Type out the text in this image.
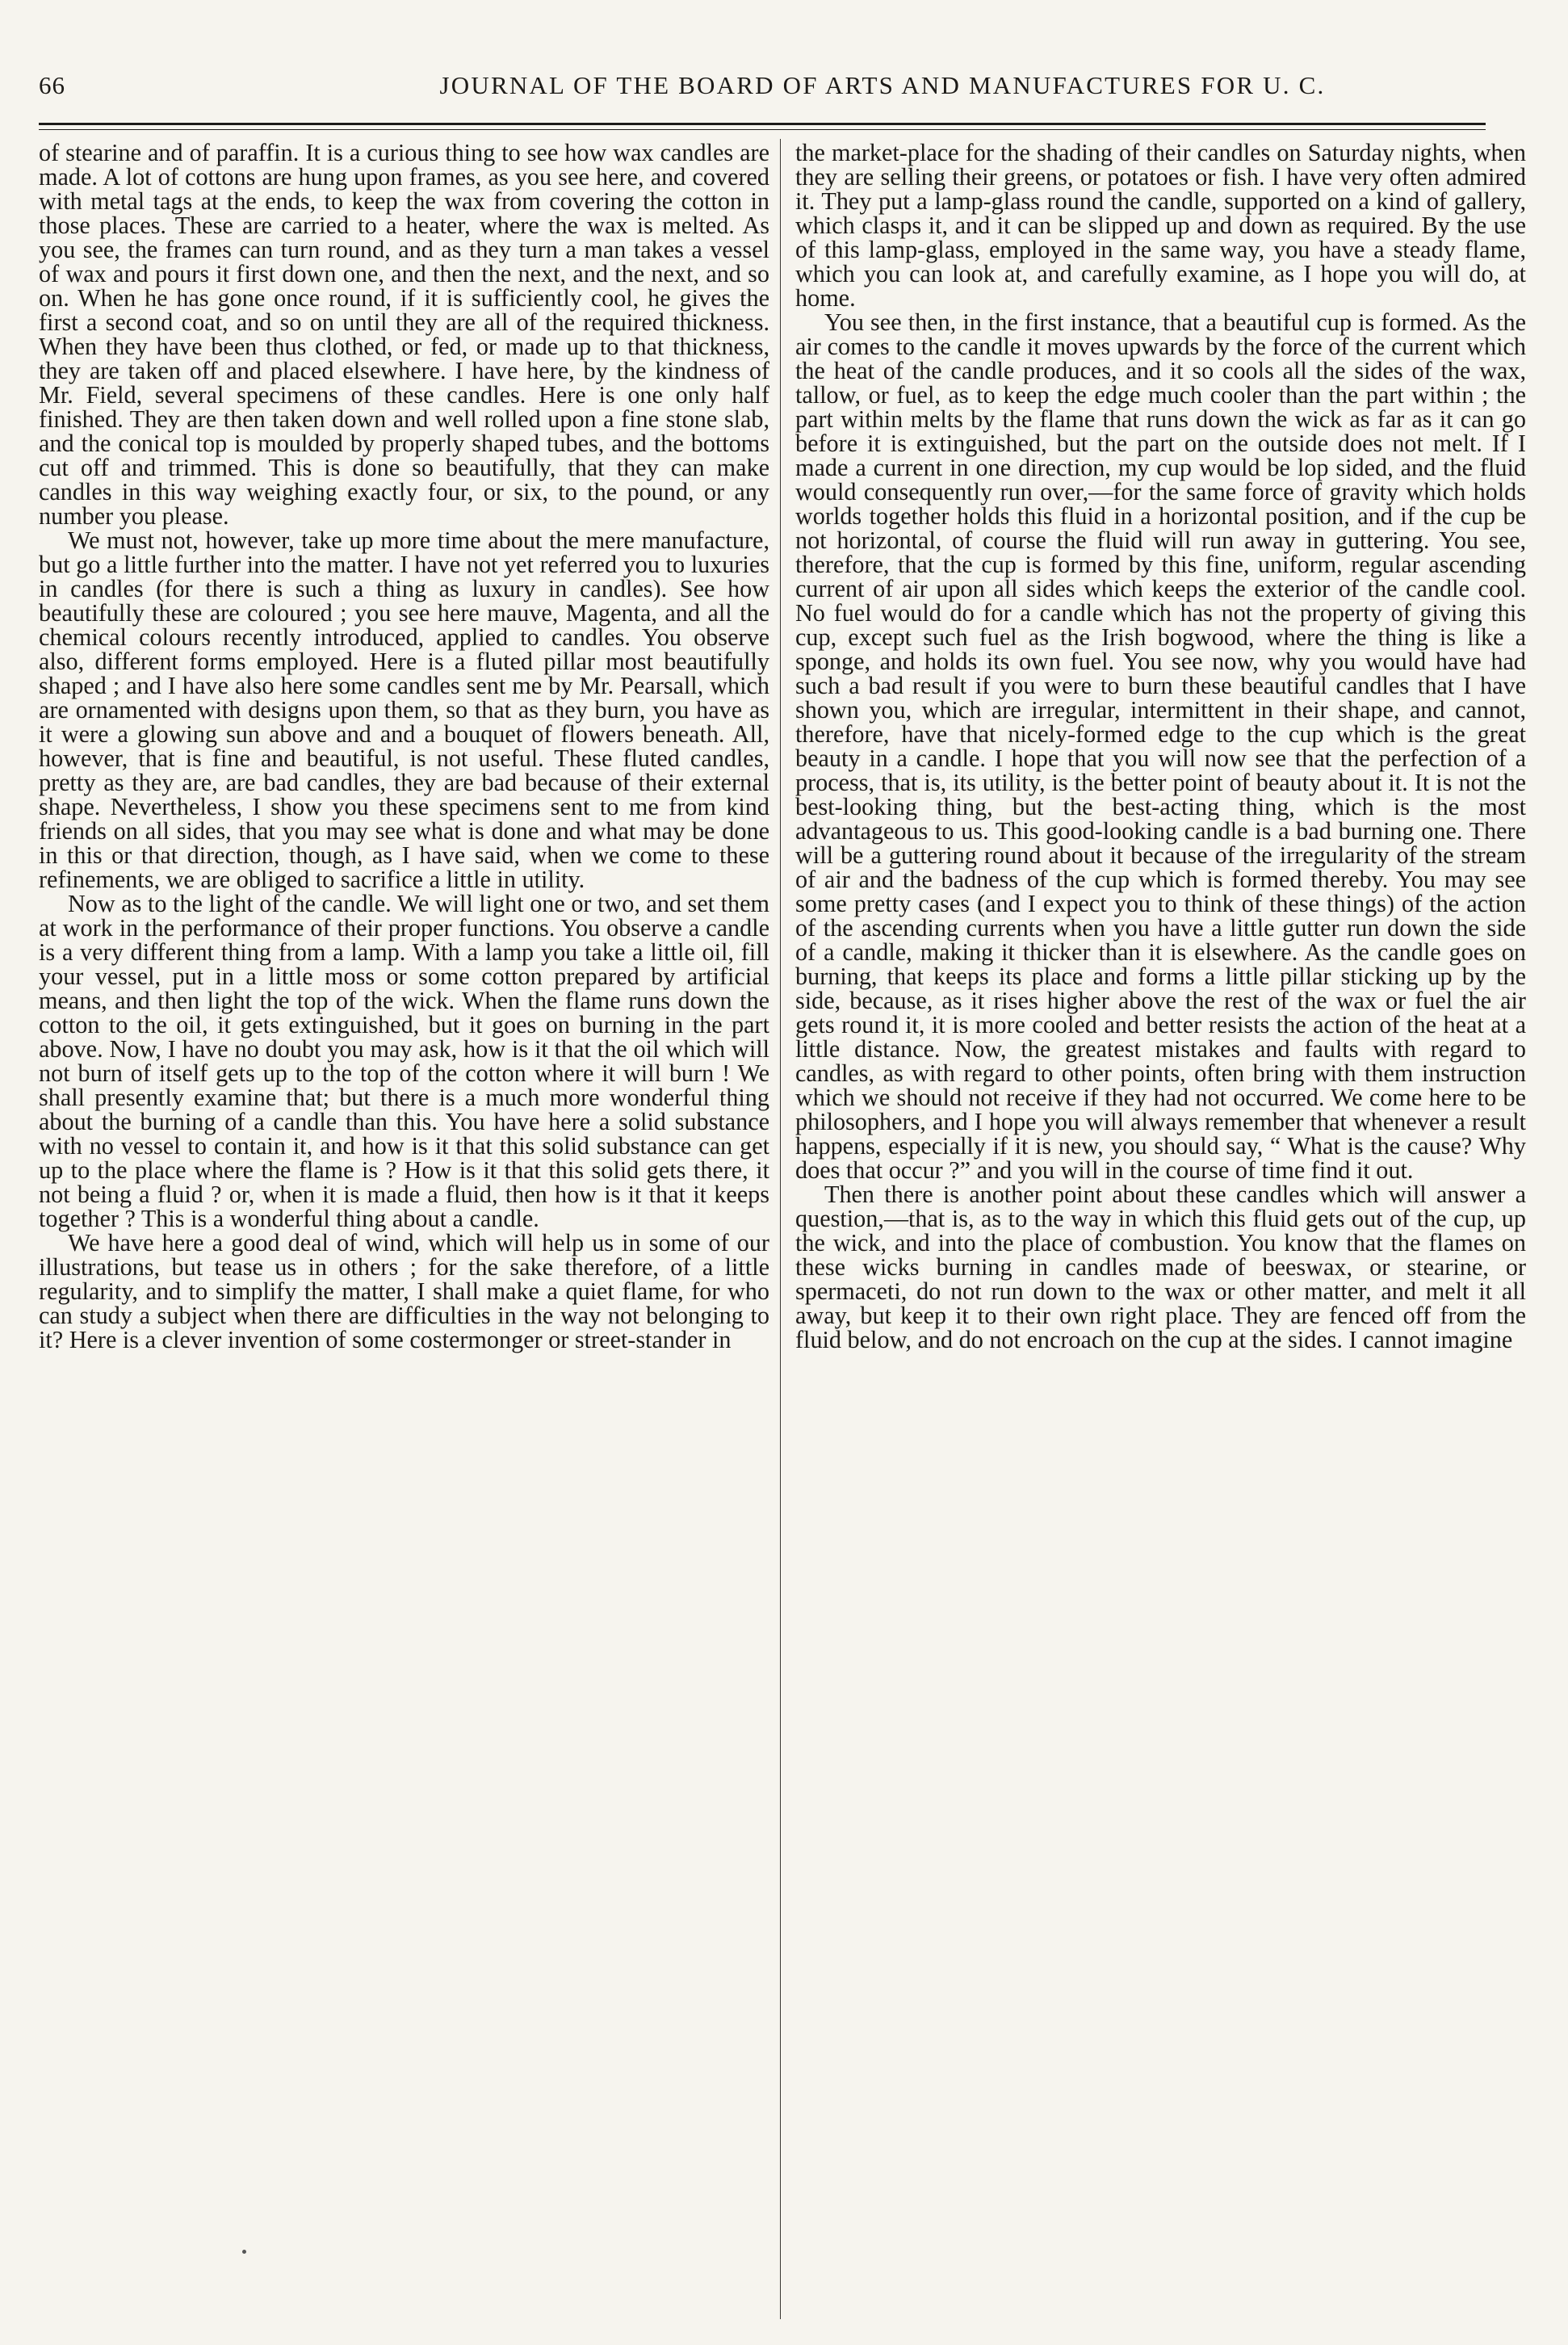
66	JOURNAL OF THE BOARD OF ARTS AND MANUFACTURES FOR U. C.

of stearine and of paraffin. It is a curious thing to see how wax candles are made. A lot of cottons are hung upon frames, as you see here, and covered with metal tags at the ends, to keep the wax from covering the cotton in those places. These are carried to a heater, where the wax is melted. As you see, the frames can turn round, and as they turn a man takes a vessel of wax and pours it first down one, and then the next, and the next, and so on. When he has gone once round, if it is sufficiently cool, he gives the first a second coat, and so on until they are all of the required thickness. When they have been thus clothed, or fed, or made up to that thickness, they are taken off and placed elsewhere. I have here, by the kindness of Mr. Field, several specimens of these candles. Here is one only half finished. They are then taken down and well rolled upon a fine stone slab, and the conical top is moulded by properly shaped tubes, and the bottoms cut off and trimmed. This is done so beautifully, that they can make candles in this way weighing exactly four, or six, to the pound, or any number you please.

We must not, however, take up more time about the mere manufacture, but go a little further into the matter. I have not yet referred you to luxuries in candles (for there is such a thing as luxury in candles). See how beautifully these are coloured ; you see here mauve, Magenta, and all the chemical colours recently introduced, applied to candles. You observe also, different forms employed. Here is a fluted pillar most beautifully shaped ; and I have also here some candles sent me by Mr. Pearsall, which are ornamented with designs upon them, so that as they burn, you have as it were a glowing sun above and and a bouquet of flowers beneath. All, however, that is fine and beautiful, is not useful. These fluted candles, pretty as they are, are bad candles, they are bad because of their external shape. Nevertheless, I show you these specimens sent to me from kind friends on all sides, that you may see what is done and what may be done in this or that direction, though, as I have said, when we come to these refinements, we are obliged to sacrifice a little in utility.

Now as to the light of the candle. We will light one or two, and set them at work in the performance of their proper functions. You observe a candle is a very different thing from a lamp. With a lamp you take a little oil, fill your vessel, put in a little moss or some cotton prepared by artificial means, and then light the top of the wick. When the flame runs down the cotton to the oil, it gets extinguished, but it goes on burning in the part above. Now, I have no doubt you may ask, how is it that the oil which will not burn of itself gets up to the top of the cotton where it will burn ! We shall presently examine that; but there is a much more wonderful thing about the burning of a candle than this. You have here a solid substance with no vessel to contain it, and how is it that this solid substance can get up to the place where the flame is ? How is it that this solid gets there, it not being a fluid ? or, when it is made a fluid, then how is it that it keeps together ? This is a wonderful thing about a candle.

We have here a good deal of wind, which will help us in some of our illustrations, but tease us in others ; for the sake therefore, of a little regularity, and to simplify the matter, I shall make a quiet flame, for who can study a subject when there are difficulties in the way not belonging to it? Here is a clever invention of some costermonger or street-stander in

the market-place for the shading of their candles on Saturday nights, when they are selling their greens, or potatoes or fish. I have very often admired it. They put a lamp-glass round the candle, supported on a kind of gallery, which clasps it, and it can be slipped up and down as required. By the use of this lamp-glass, employed in the same way, you have a steady flame, which you can look at, and carefully examine, as I hope you will do, at home.

You see then, in the first instance, that a beautiful cup is formed. As the air comes to the candle it moves upwards by the force of the current which the heat of the candle produces, and it so cools all the sides of the wax, tallow, or fuel, as to keep the edge much cooler than the part within ; the part within melts by the flame that runs down the wick as far as it can go before it is extinguished, but the part on the outside does not melt. If I made a current in one direction, my cup would be lop sided, and the fluid would consequently run over,—for the same force of gravity which holds worlds together holds this fluid in a horizontal position, and if the cup be not horizontal, of course the fluid will run away in guttering. You see, therefore, that the cup is formed by this fine, uniform, regular ascending current of air upon all sides which keeps the exterior of the candle cool. No fuel would do for a candle which has not the property of giving this cup, except such fuel as the Irish bogwood, where the thing is like a sponge, and holds its own fuel. You see now, why you would have had such a bad result if you were to burn these beautiful candles that I have shown you, which are irregular, intermittent in their shape, and cannot, therefore, have that nicely-formed edge to the cup which is the great beauty in a candle. I hope that you will now see that the perfection of a process, that is, its utility, is the better point of beauty about it. It is not the best-looking thing, but the best-acting thing, which is the most advantageous to us. This good-looking candle is a bad burning one. There will be a guttering round about it because of the irregularity of the stream of air and the badness of the cup which is formed thereby. You may see some pretty cases (and I expect you to think of these things) of the action of the ascending currents when you have a little gutter run down the side of a candle, making it thicker than it is elsewhere. As the candle goes on burning, that keeps its place and forms a little pillar sticking up by the side, because, as it rises higher above the rest of the wax or fuel the air gets round it, it is more cooled and better resists the action of the heat at a little distance. Now, the greatest mistakes and faults with regard to candles, as with regard to other points, often bring with them instruction which we should not receive if they had not occurred. We come here to be philosophers, and I hope you will always remember that whenever a result happens, especially if it is new, you should say, “ What is the cause? Why does that occur ?” and you will in the course of time find it out.

Then there is another point about these candles which will answer a question,—that is, as to the way in which this fluid gets out of the cup, up the wick, and into the place of combustion. You know that the flames on these wicks burning in candles made of beeswax, or stearine, or spermaceti, do not run down to the wax or other matter, and melt it all away, but keep it to their own right place. They are fenced off from the fluid below, and do not encroach on the cup at the sides. I cannot imagine
